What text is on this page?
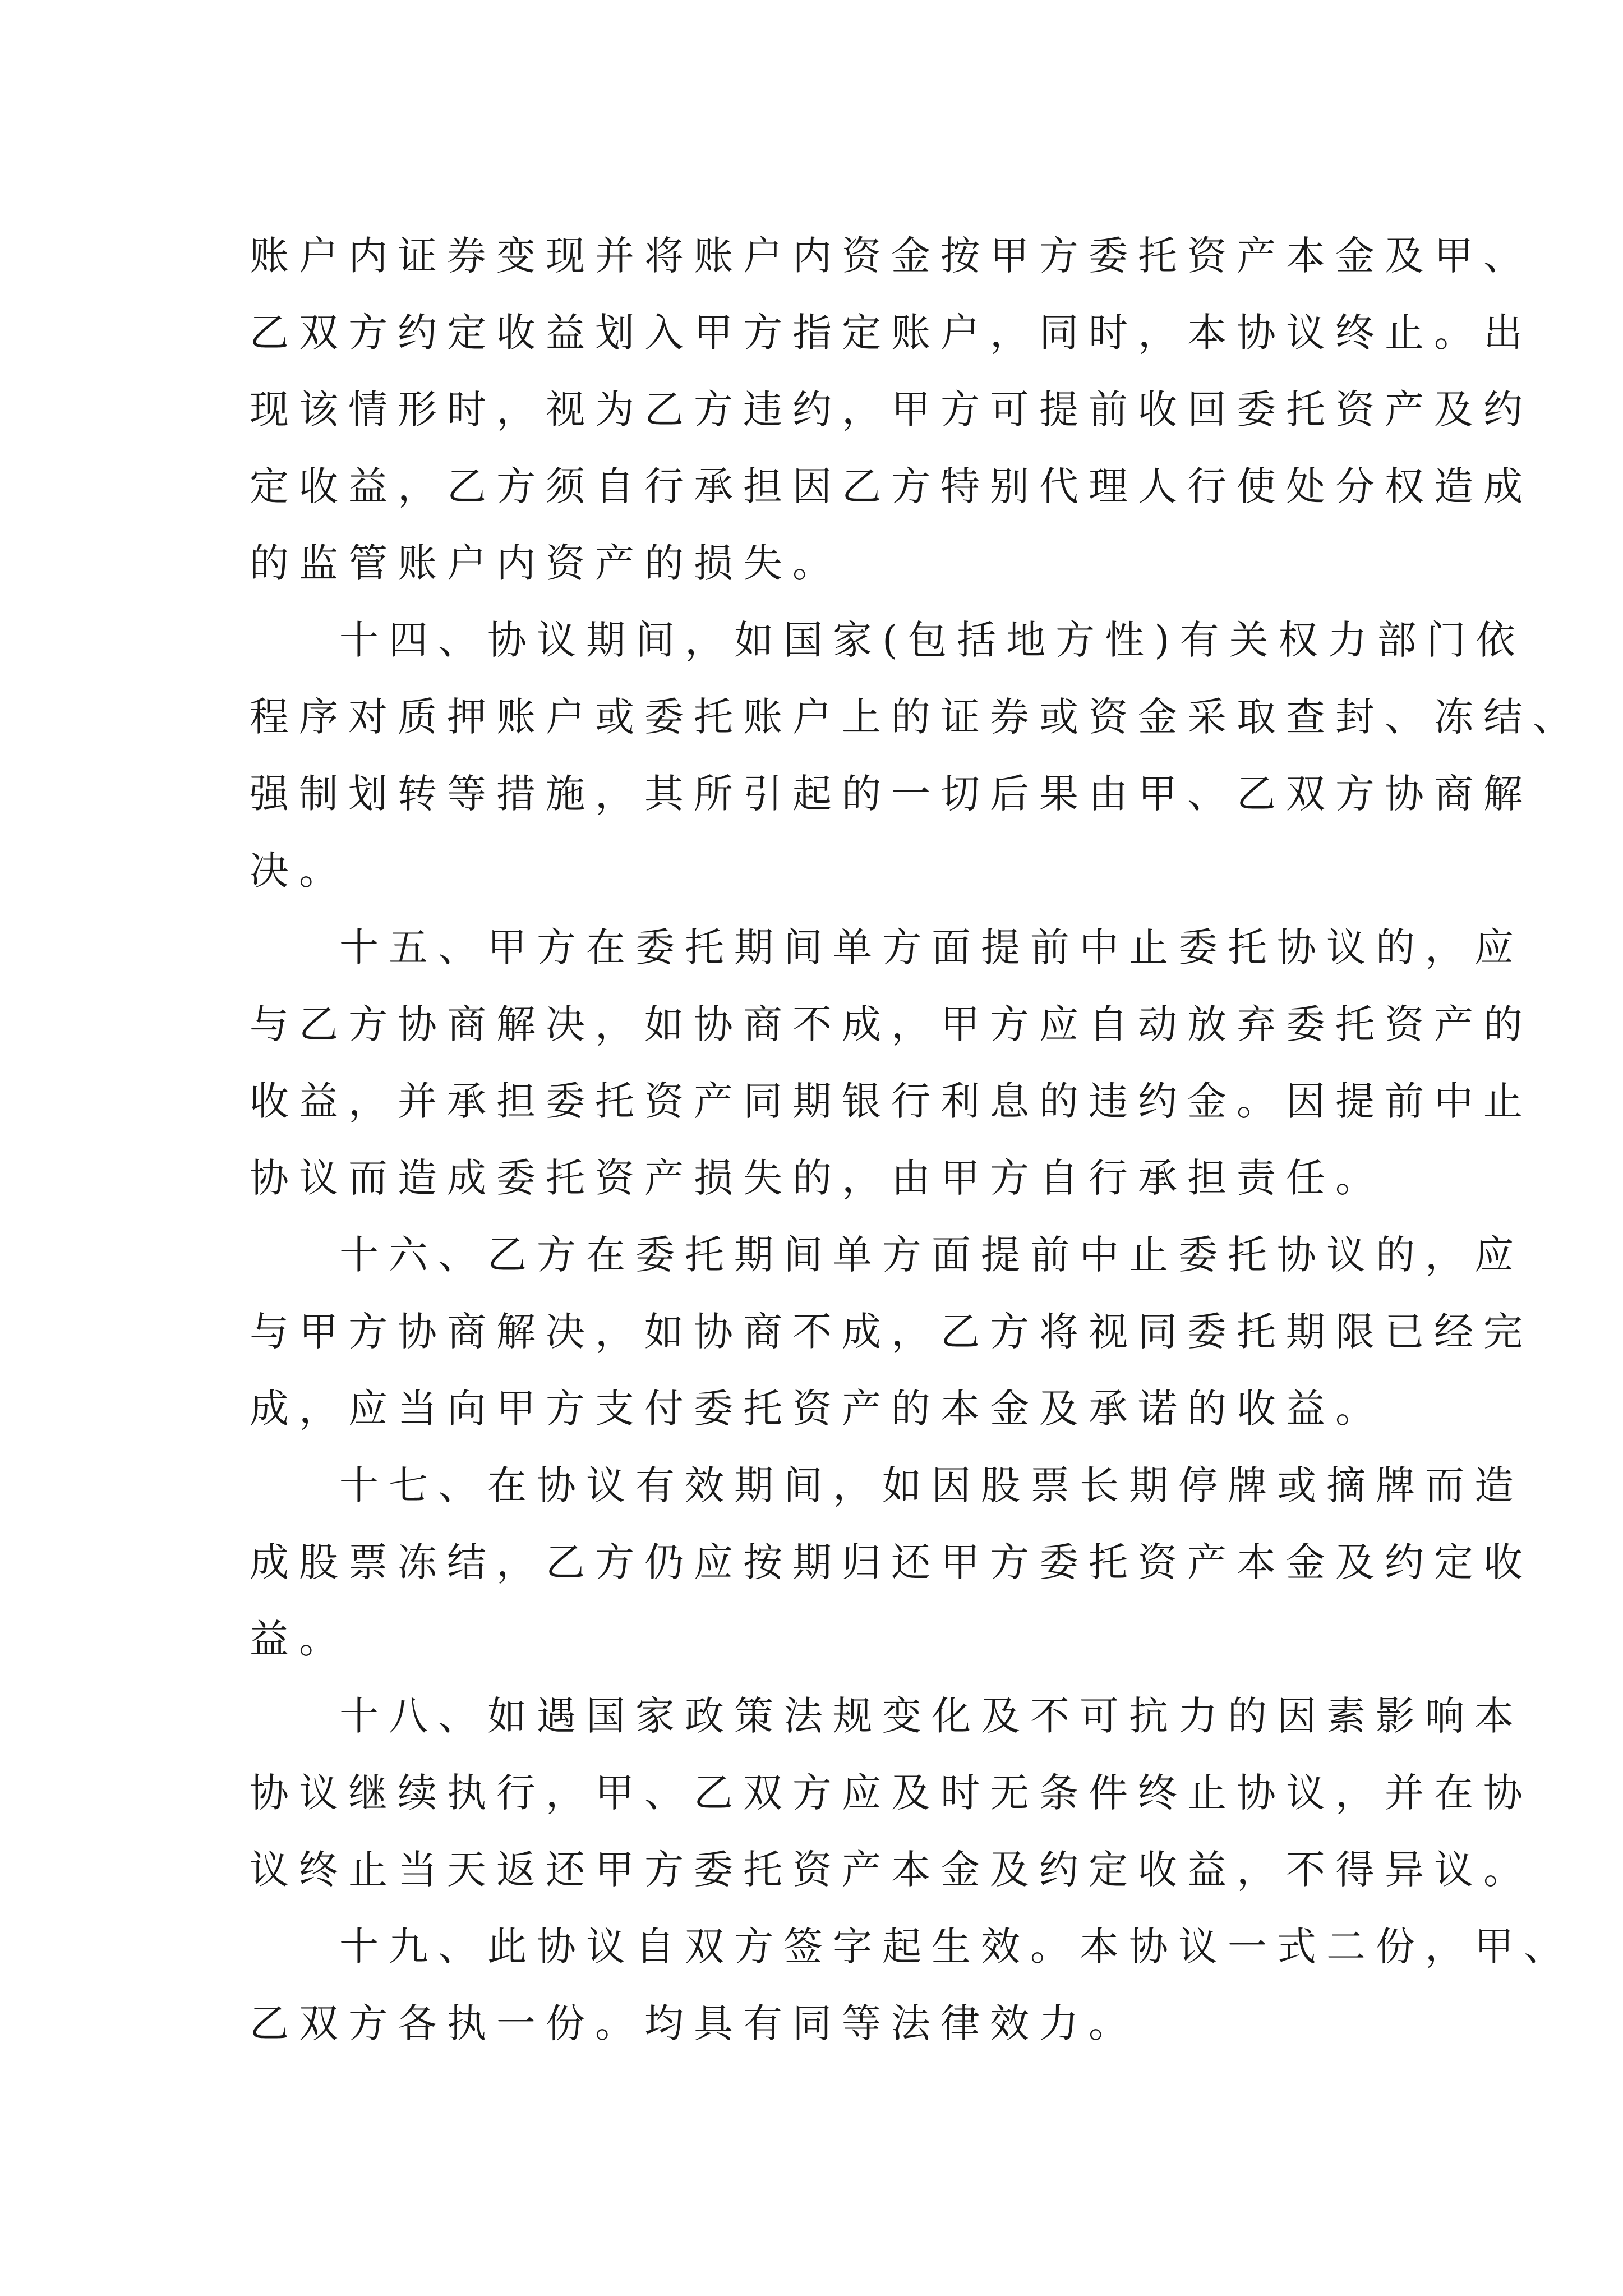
账户内证券变现并将账户内资金按甲方委托资产本金及甲、
乙双方约定收益划入甲方指定账户，同时，本协议终止。出
现该情形时，视为乙方违约，甲方可提前收回委托资产及约
定收益，乙方须自行承担因乙方特别代理人行使处分权造成
的监管账户内资产的损失。
十四、协议期间，如国家(包括地方性)有关权力部门依
程序对质押账户或委托账户上的证券或资金采取查封、冻结、
强制划转等措施，其所引起的一切后果由甲、乙双方协商解
决。
十五、甲方在委托期间单方面提前中止委托协议的，应
与乙方协商解决，如协商不成，甲方应自动放弃委托资产的
收益，并承担委托资产同期银行利息的违约金。因提前中止
协议而造成委托资产损失的，由甲方自行承担责任。
十六、乙方在委托期间单方面提前中止委托协议的，应
与甲方协商解决，如协商不成，乙方将视同委托期限已经完
成，应当向甲方支付委托资产的本金及承诺的收益。
十七、在协议有效期间，如因股票长期停牌或摘牌而造
成股票冻结，乙方仍应按期归还甲方委托资产本金及约定收
益。
十八、如遇国家政策法规变化及不可抗力的因素影响本
协议继续执行，甲、乙双方应及时无条件终止协议，并在协
议终止当天返还甲方委托资产本金及约定收益，不得异议。
十九、此协议自双方签字起生效。本协议一式二份，甲、
乙双方各执一份。均具有同等法律效力。
